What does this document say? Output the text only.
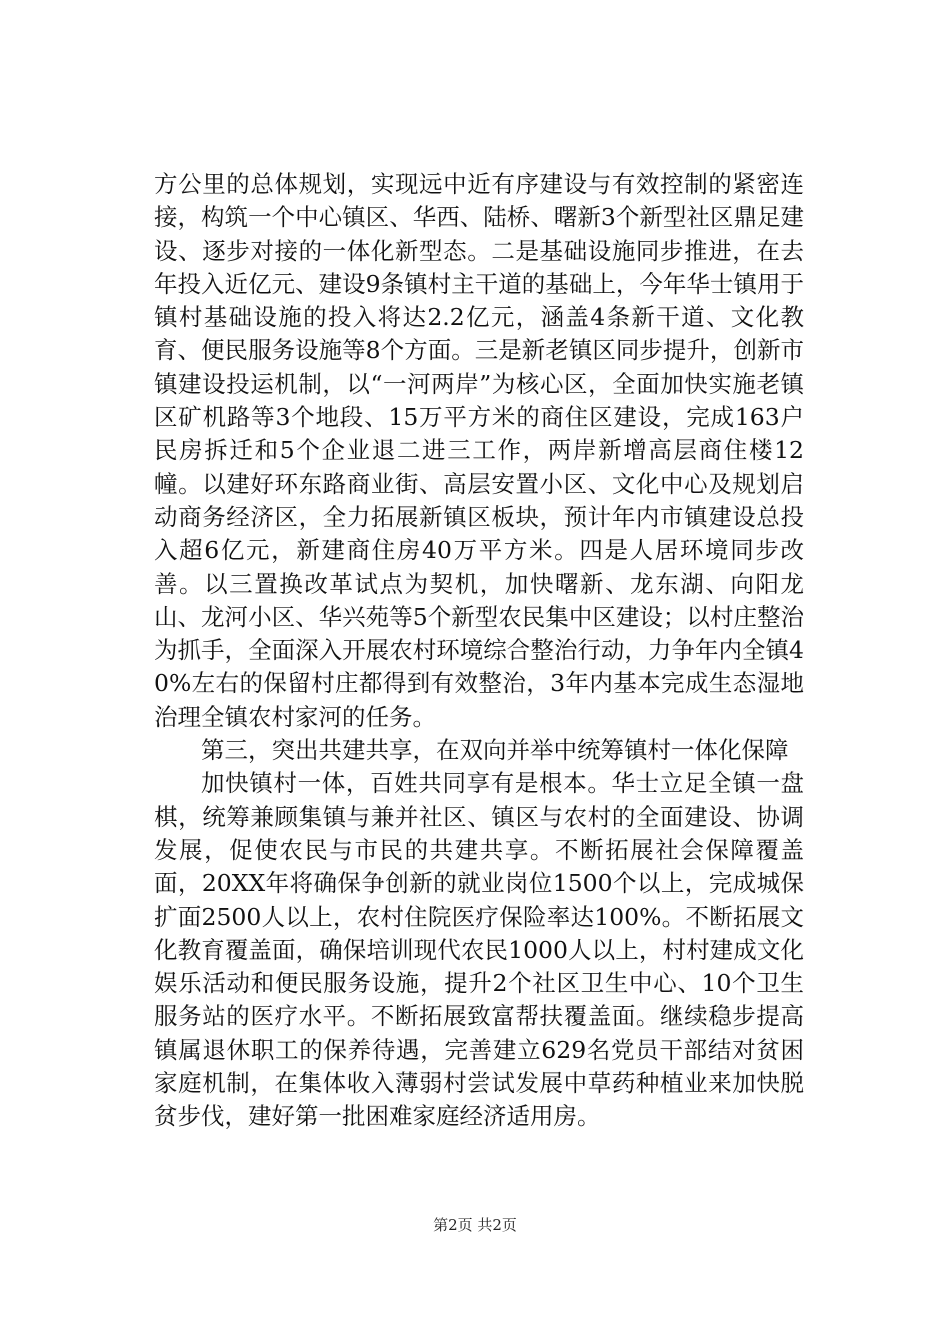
方公里的总体规划，实现远中近有序建设与有效控制的紧密连接，构筑一个中心镇区、华西、陆桥、曙新3个新型社区鼎足建设、逐步对接的一体化新型态。二是基础设施同步推进，在去年投入近亿元、建设9条镇村主干道的基础上，今年华士镇用于镇村基础设施的投入将达2.2亿元，涵盖4条新干道、文化教育、便民服务设施等8个方面。三是新老镇区同步提升，创新市镇建设投运机制，以“一河两岸”为核心区，全面加快实施老镇区矿机路等3个地段、15万平方米的商住区建设，完成163户民房拆迁和5个企业退二进三工作，两岸新增高层商住楼12幢。以建好环东路商业街、高层安置小区、文化中心及规划启动商务经济区，全力拓展新镇区板块，预计年内市镇建设总投入超6亿元，新建商住房40万平方米。四是人居环境同步改善。以三置换改革试点为契机，加快曙新、龙东湖、向阳龙山、龙河小区、华兴苑等5个新型农民集中区建设；以村庄整治为抓手，全面深入开展农村环境综合整治行动，力争年内全镇40%左右的保留村庄都得到有效整治，3年内基本完成生态湿地治理全镇农村家河的任务。

第三，突出共建共享，在双向并举中统筹镇村一体化保障

加快镇村一体，百姓共同享有是根本。华士立足全镇一盘棋，统筹兼顾集镇与兼并社区、镇区与农村的全面建设、协调发展，促使农民与市民的共建共享。不断拓展社会保障覆盖面，20XX年将确保争创新的就业岗位1500个以上，完成城保扩面2500人以上，农村住院医疗保险率达100%。不断拓展文化教育覆盖面，确保培训现代农民1000人以上，村村建成文化娱乐活动和便民服务设施，提升2个社区卫生中心、10个卫生服务站的医疗水平。不断拓展致富帮扶覆盖面。继续稳步提高镇属退休职工的保养待遇，完善建立629名党员干部结对贫困家庭机制，在集体收入薄弱村尝试发展中草药种植业来加快脱贫步伐，建好第一批困难家庭经济适用房。

第2页 共2页
